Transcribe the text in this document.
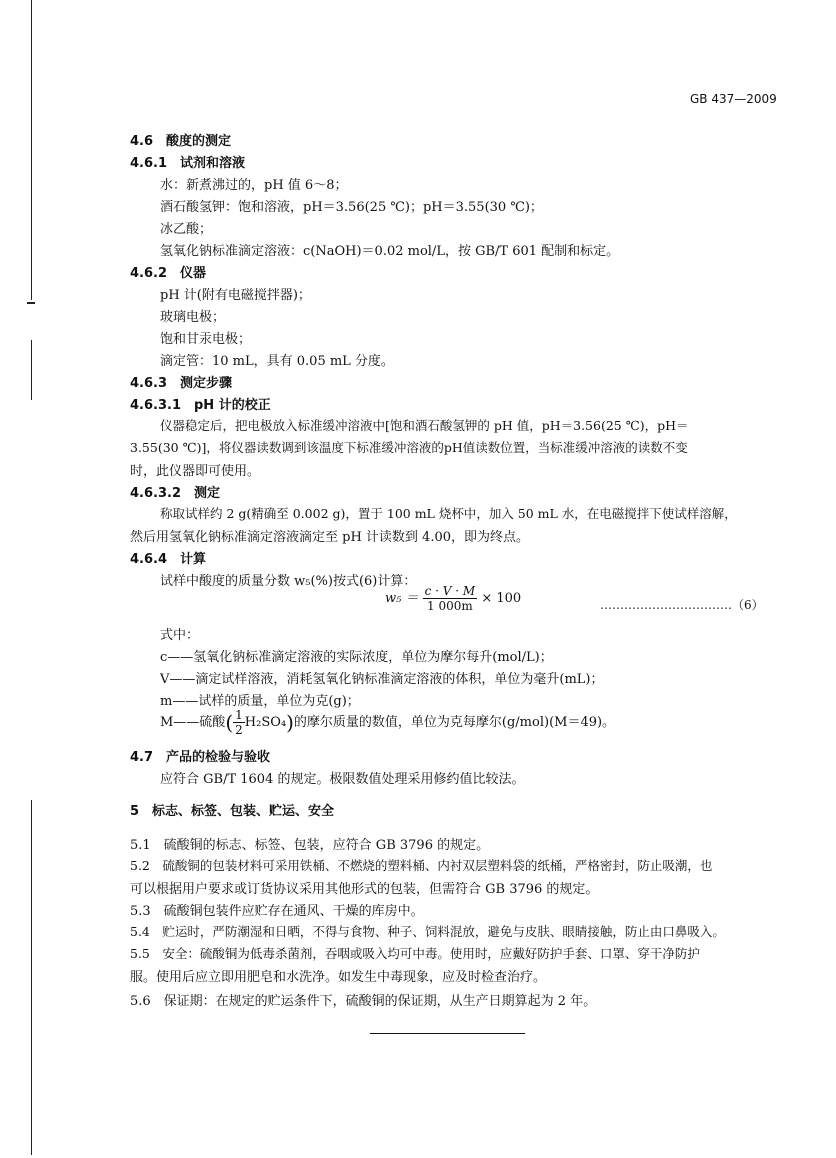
GB 437—2009
4.6　酸度的测定
4.6.1　试剂和溶液
水：新煮沸过的，pH 值 6～8；
酒石酸氢钾：饱和溶液，pH＝3.56(25 ℃)；pH＝3.55(30 ℃)；
冰乙酸；
氢氧化钠标准滴定溶液：c(NaOH)＝0.02 mol/L，按 GB/T 601 配制和标定。
4.6.2　仪器
pH 计(附有电磁搅拌器)；
玻璃电极；
饱和甘汞电极；
滴定管：10 mL，具有 0.05 mL 分度。
4.6.3　测定步骤
4.6.3.1　pH 计的校正
仪器稳定后，把电极放入标准缓冲溶液中[饱和酒石酸氢钾的 pH 值，pH＝3.56(25 ℃)，pH＝
3.55(30 ℃)]，将仪器读数调到该温度下标准缓冲溶液的pH值读数位置，当标准缓冲溶液的读数不变
时，此仪器即可使用。
4.6.3.2　测定
称取试样约 2 g(精确至 0.002 g)，置于 100 mL 烧杯中，加入 50 mL 水，在电磁搅拌下使试样溶解，
然后用氢氧化钠标准滴定溶液滴定至 pH 计读数到 4.00，即为终点。
4.6.4　计算
试样中酸度的质量分数 w₅(%)按式(6)计算：
$w_5 = \frac{c \cdot V \cdot M}{1 000m} \times 100$	……………………………（6）
式中：
c——氢氧化钠标准滴定溶液的实际浓度，单位为摩尔每升(mol/L)；
V——滴定试样溶液，消耗氢氧化钠标准滴定溶液的体积，单位为毫升(mL)；
m——试样的质量，单位为克(g)；
M——硫酸( $\frac{1}{2} H_2SO_4$)的摩尔质量的数值，单位为克每摩尔(g/mol)(M＝49)。
4.7　产品的检验与验收
应符合 GB/T 1604 的规定。极限数值处理采用修约值比较法。
5　标志、标签、包装、贮运、安全
5.1　硫酸铜的标志、标签、包装，应符合 GB 3796 的规定。
5.2　硫酸铜的包装材料可采用铁桶、不燃烧的塑料桶、内衬双层塑料袋的纸桶，严格密封，防止吸潮，也
可以根据用户要求或订货协议采用其他形式的包装，但需符合 GB 3796 的规定。
5.3　硫酸铜包装件应贮存在通风、干燥的库房中。
5.4　贮运时，严防潮湿和日晒，不得与食物、种子、饲料混放，避免与皮肤、眼睛接触，防止由口鼻吸入。
5.5　安全：硫酸铜为低毒杀菌剂，吞咽或吸入均可中毒。使用时，应戴好防护手套、口罩、穿干净防护
服。使用后应立即用肥皂和水洗净。如发生中毒现象，应及时检查治疗。
5.6　保证期：在规定的贮运条件下，硫酸铜的保证期，从生产日期算起为 2 年。
